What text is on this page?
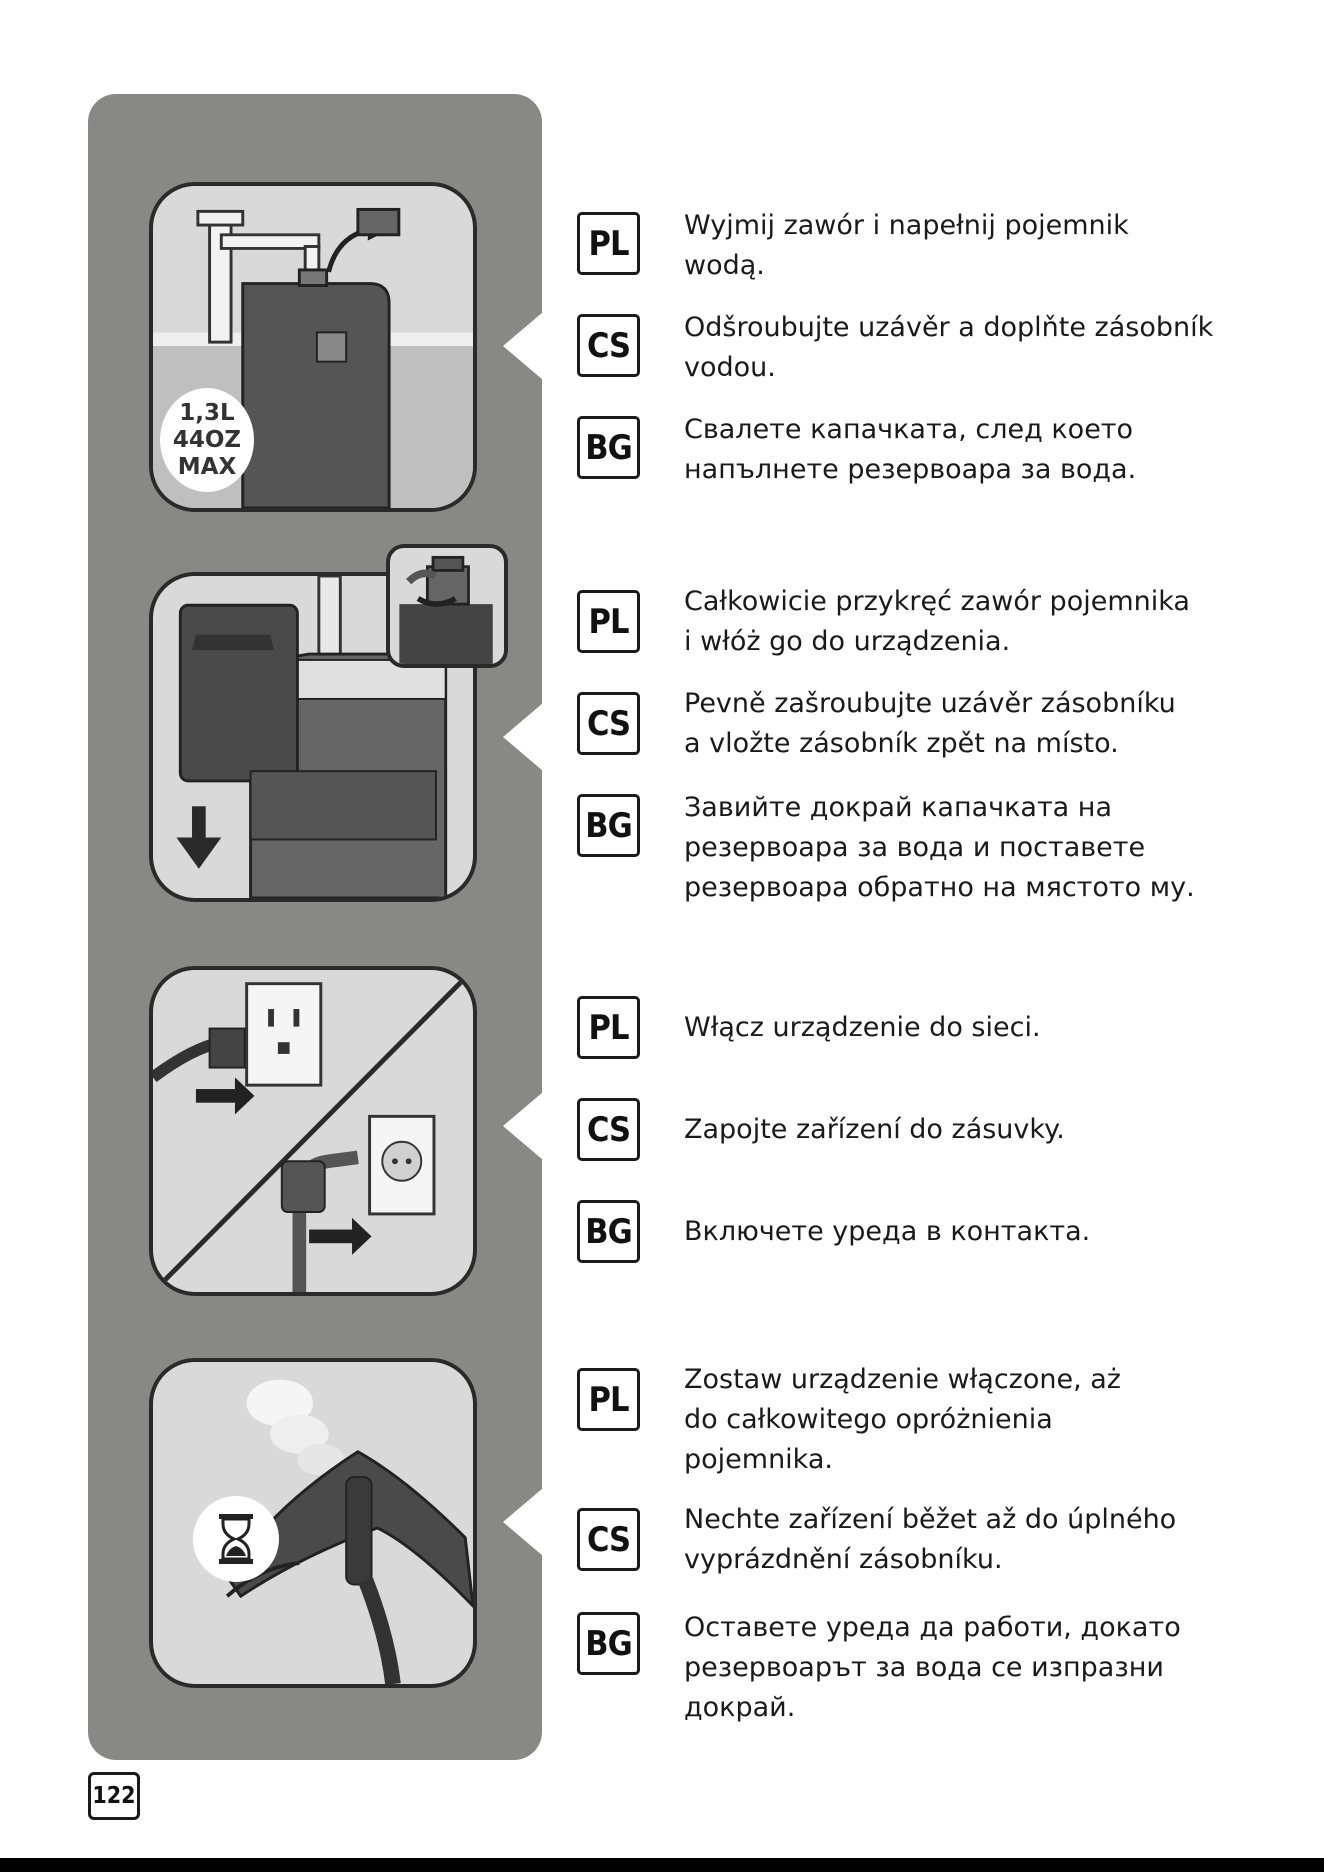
1,3L
44OZ
MAX
PL	Wyjmij zawór i napełnij pojemnik
wodą.
CS	Odšroubujte uzávěr a doplňte zásobník
vodou.
BG	Свалете капачката, след което
напълнете резервоара за вода.
PL	Całkowicie przykręć zawór pojemnika
i włóż go do urządzenia.
CS	Pevně zašroubujte uzávěr zásobníku
a vložte zásobník zpět na místo.
BG	Завийте докрай капачката на
резервоара за вода и поставете
резервоара обратно на мястото му.
PL	Włącz urządzenie do sieci.
CS	Zapojte zařízení do zásuvky.
BG	Включете уреда в контакта.
PL	Zostaw urządzenie włączone, aż
do całkowitego opróżnienia
pojemnika.
CS	Nechte zařízení běžet až do úplného
vyprázdnění zásobníku.
BG	Оставете уреда да работи, докато
резервоарът за вода се изпразни
докрай.
122
